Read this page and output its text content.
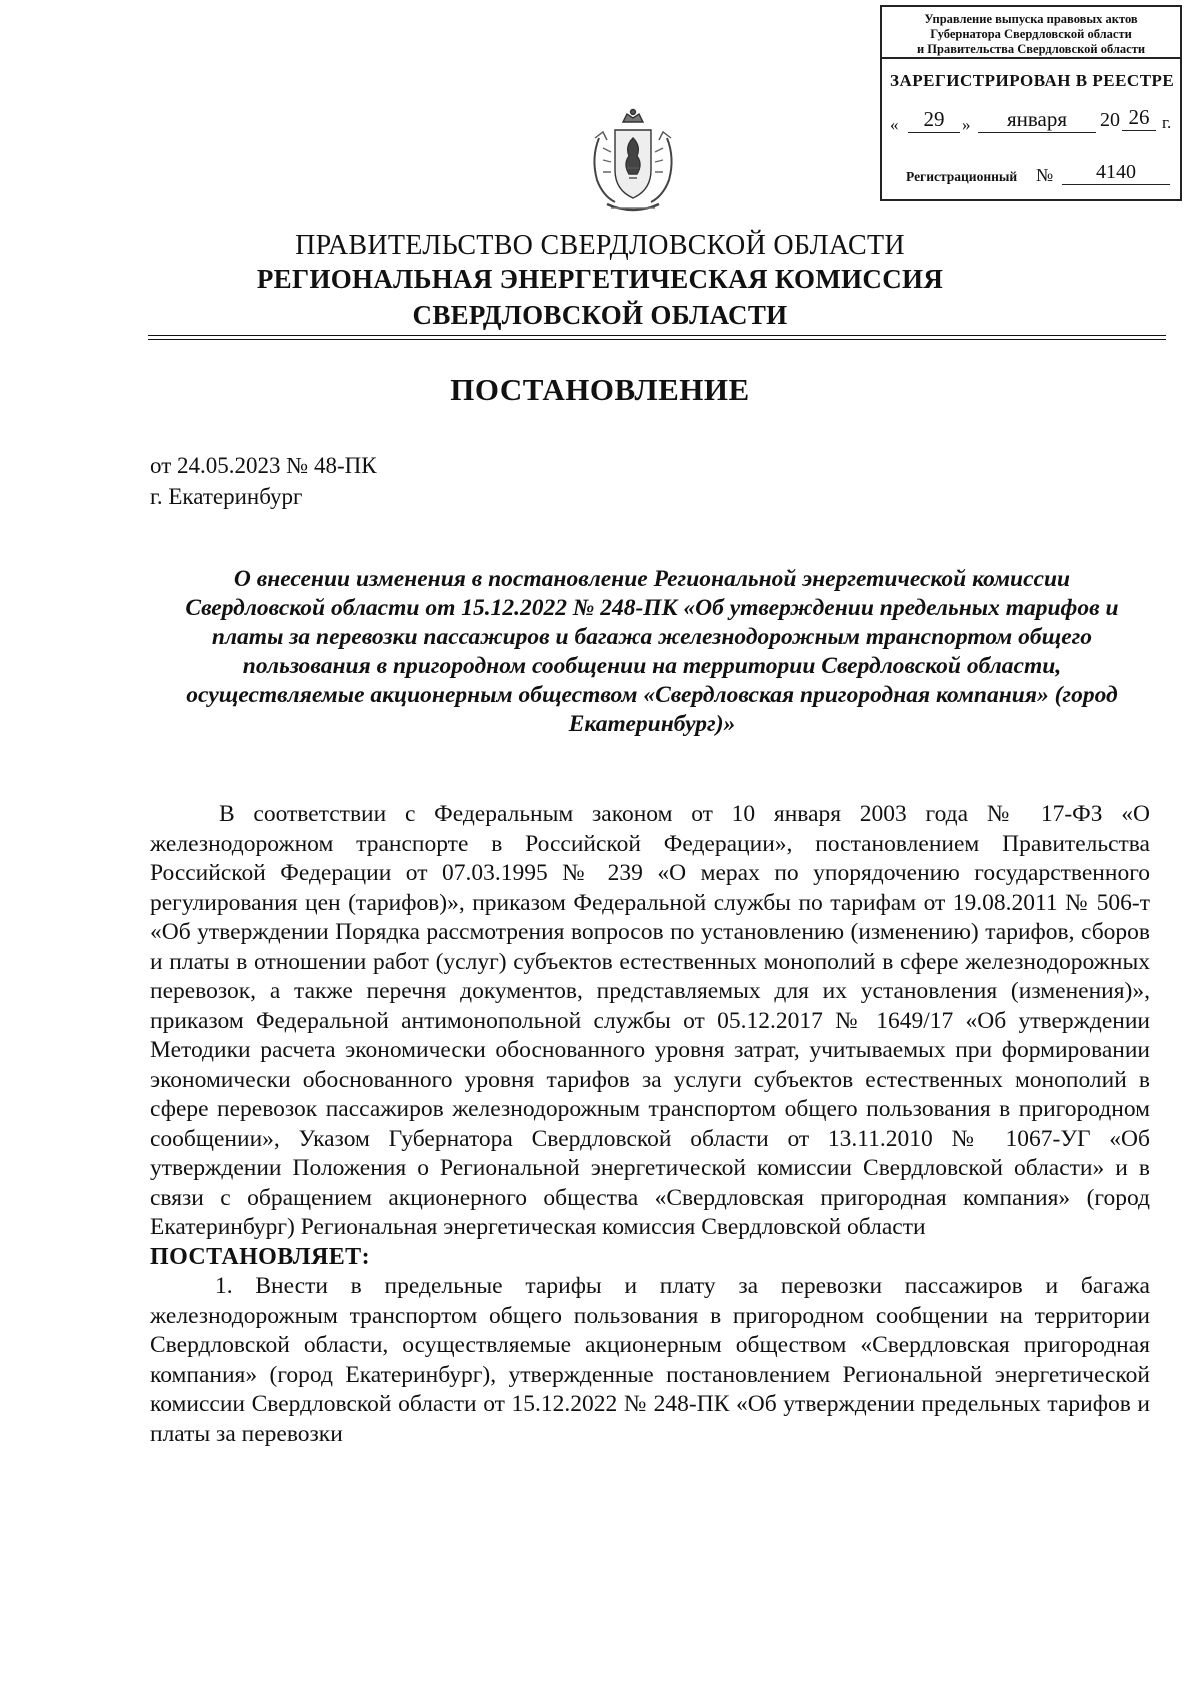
Управление выпуска правовых актов
Губернатора Свердловской области
и Правительства Свердловской области
ЗАРЕГИСТРИРОВАН В РЕЕСТРЕ
«	29	»	января	20 26 г.
Регистрационный №	4140
ПРАВИТЕЛЬСТВО СВЕРДЛОВСКОЙ ОБЛАСТИ
РЕГИОНАЛЬНАЯ ЭНЕРГЕТИЧЕСКАЯ КОМИССИЯ
СВЕРДЛОВСКОЙ ОБЛАСТИ
ПОСТАНОВЛЕНИЕ
от 24.05.2023 № 48-ПК
г. Екатеринбург
О внесении изменения в постановление Региональной энергетической комиссии Свердловской области от 15.12.2022 № 248-ПК «Об утверждении предельных тарифов и платы за перевозки пассажиров и багажа железнодорожным транспортом общего пользования в пригородном сообщении на территории Свердловской области, осуществляемые акционерным обществом «Свердловская пригородная компания» (город Екатеринбург)»

В соответствии с Федеральным законом от 10 января 2003 года № 17-ФЗ «О железнодорожном транспорте в Российской Федерации», постановлением Правительства Российской Федерации от 07.03.1995 № 239 «О мерах по упорядочению государственного регулирования цен (тарифов)», приказом Федеральной службы по тарифам от 19.08.2011 № 506-т «Об утверждении Порядка рассмотрения вопросов по установлению (изменению) тарифов, сборов и платы в отношении работ (услуг) субъектов естественных монополий в сфере железнодорожных перевозок, а также перечня документов, представляемых для их установления (изменения)», приказом Федеральной антимонопольной службы от 05.12.2017 № 1649/17 «Об утверждении Методики расчета экономически обоснованного уровня затрат, учитываемых при формировании экономически обоснованного уровня тарифов за услуги субъектов естественных монополий в сфере перевозок пассажиров железнодорожным транспортом общего пользования в пригородном сообщении», Указом Губернатора Свердловской области от 13.11.2010 № 1067-УГ «Об утверждении Положения о Региональной энергетической комиссии Свердловской области» и в связи с обращением акционерного общества «Свердловская пригородная компания» (город Екатеринбург) Региональная энергетическая комиссия Свердловской области

ПОСТАНОВЛЯЕТ:

1. Внести в предельные тарифы и плату за перевозки пассажиров и багажа железнодорожным транспортом общего пользования в пригородном сообщении на территории Свердловской области, осуществляемые акционерным обществом «Свердловская пригородная компания» (город Екатеринбург), утвержденные постановлением Региональной энергетической комиссии Свердловской области от 15.12.2022 № 248-ПК «Об утверждении предельных тарифов и платы за перевозки
